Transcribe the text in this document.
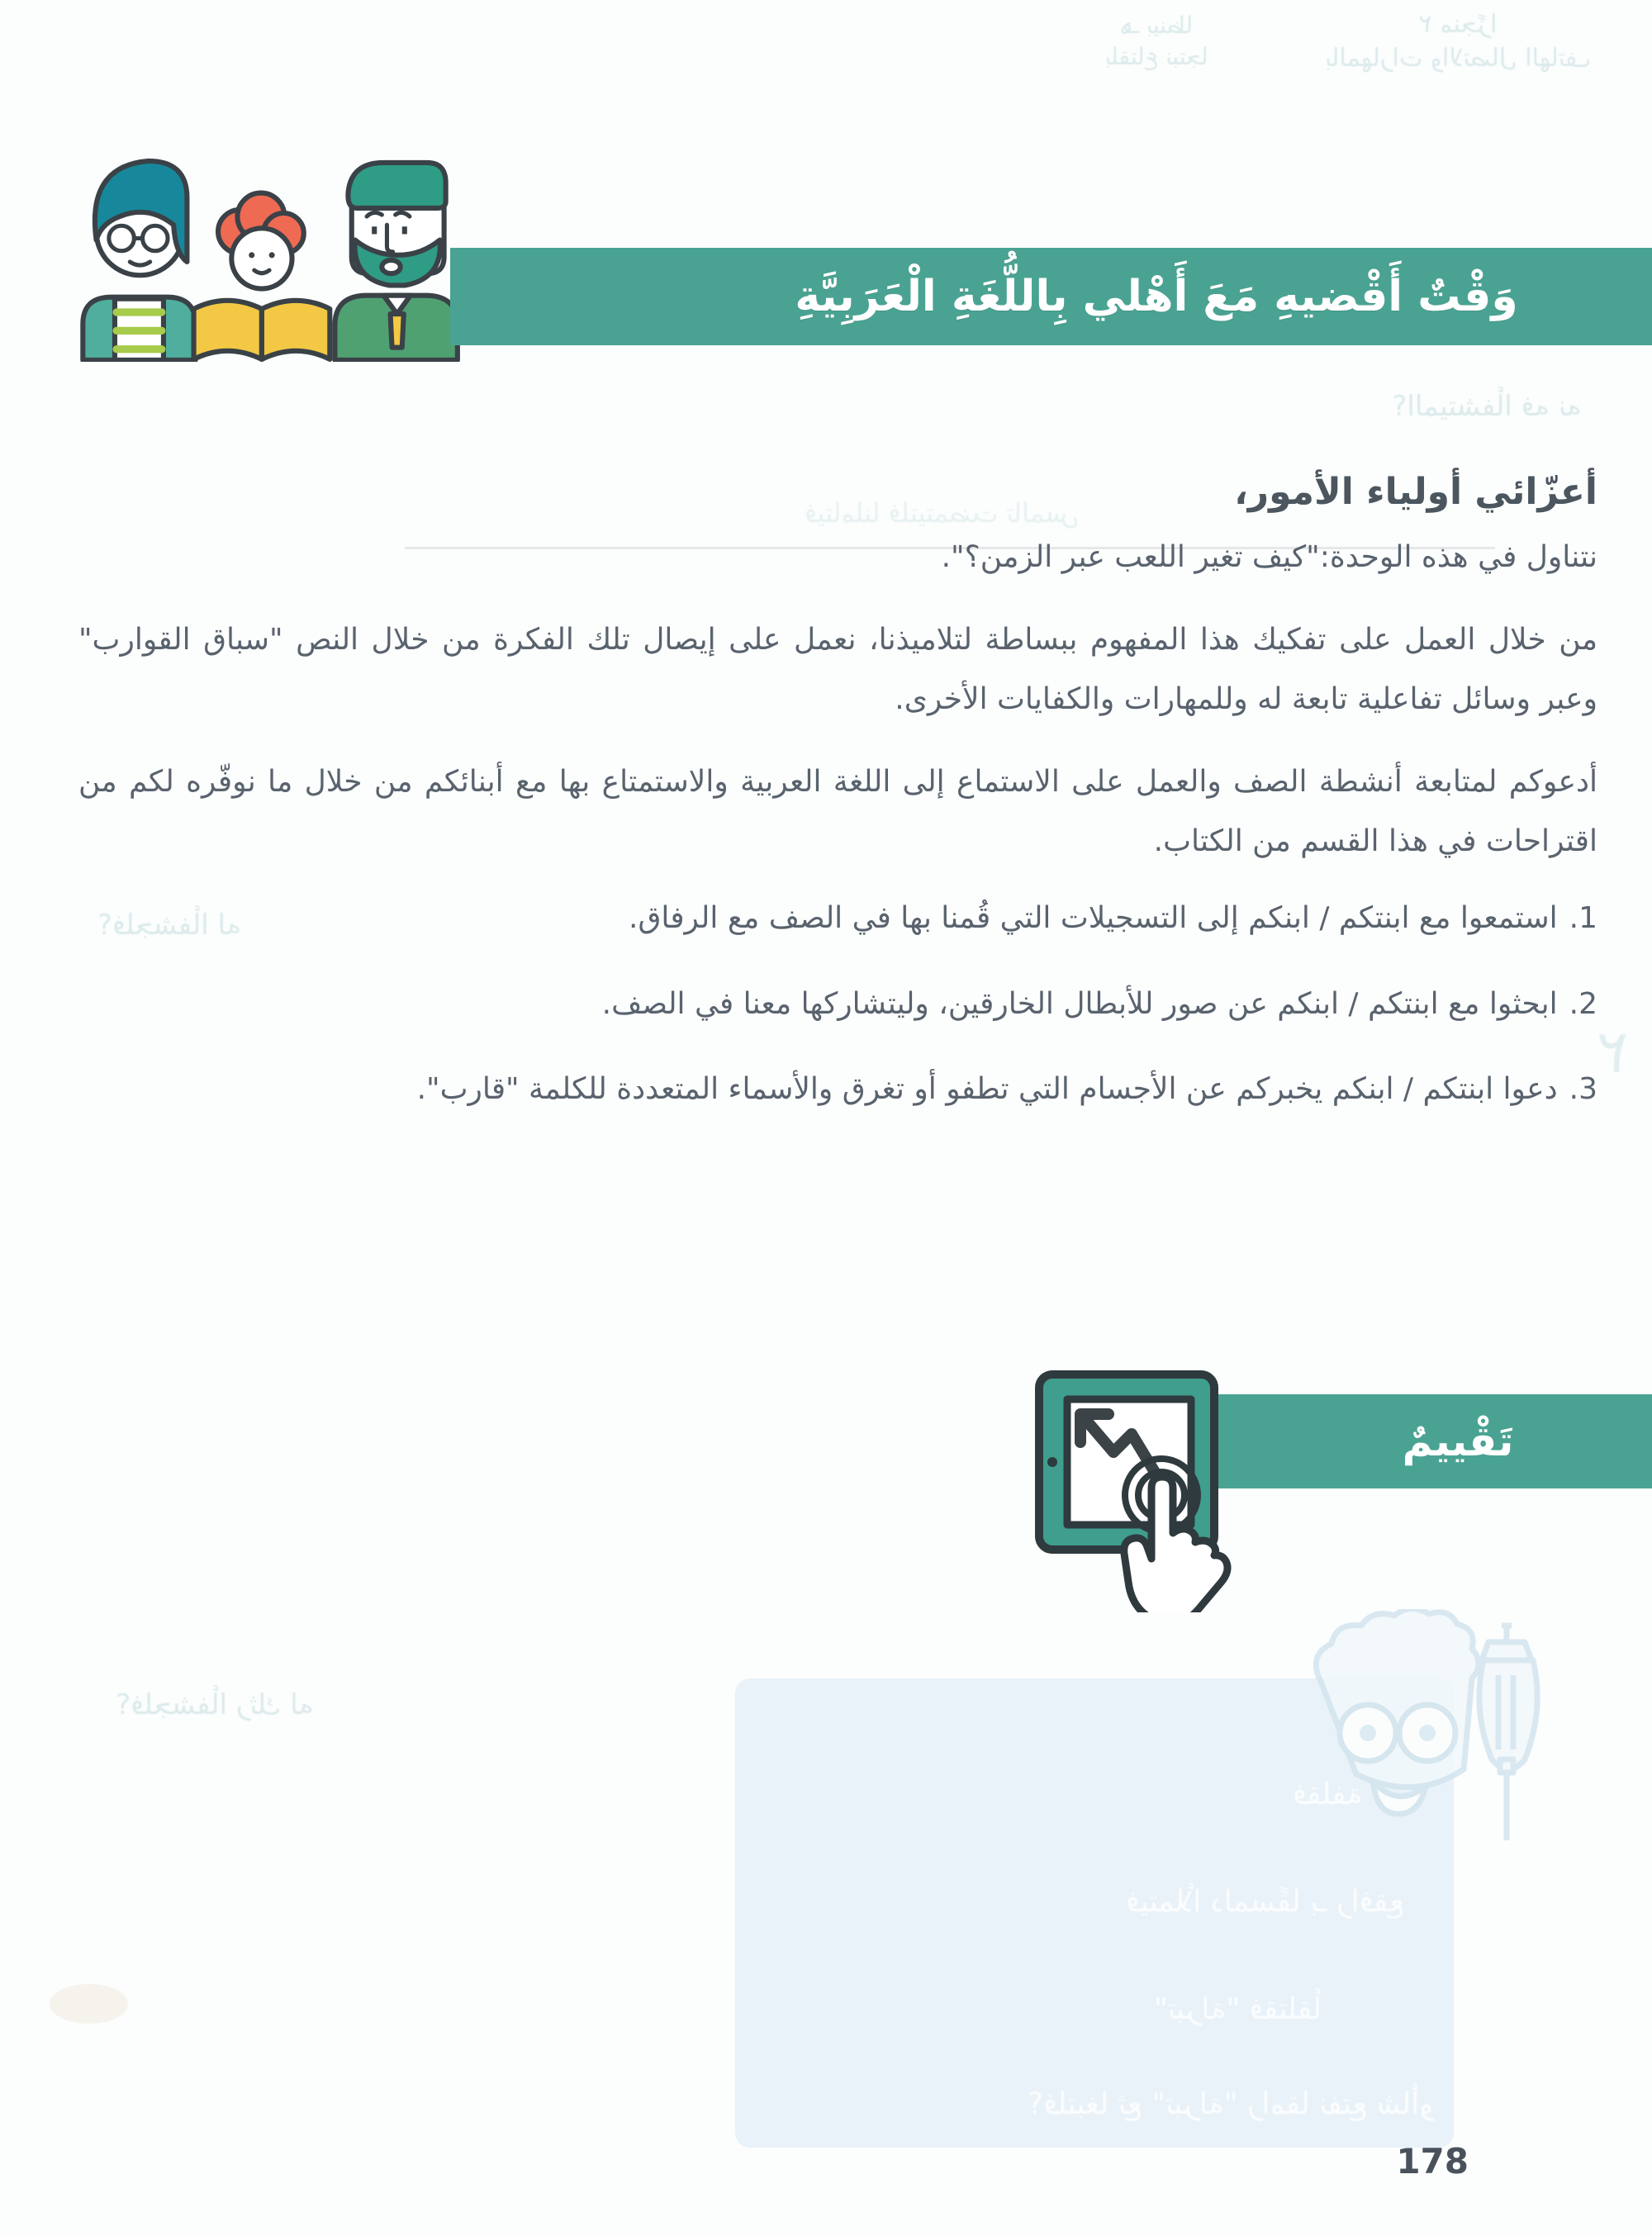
٢ منجزًا
بالمهارات والاتصال الهاتف
هـ بينظا
بلقتاع نبتجا
وَقْتٌ أَقْضيهِ مَعَ أَهْلي بِاللُّغَةِ الْعَرَبِيَّةِ

أعزّائي أولياء الأمور،

نتناول في هذه الوحدة:"كيف تغير اللعب عبر الزمن؟".

من خلال العمل على تفكيك هذا المفهوم ببساطة لتلاميذنا، نعمل على إيصال تلك الفكرة من خلال النص "سباق القوارب" وعبر وسائل تفاعلية تابعة له وللمهارات والكفايات الأخرى.

أدعوكم لمتابعة أنشطة الصف والعمل على الاستماع إلى اللغة العربية والاستمتاع بها مع أبنائكم من خلال ما نوفّره لكم من اقتراحات في هذا القسم من الكتاب.

1.
استمعوا مع ابنتكم / ابنكم إلى التسجيلات التي قُمنا بها في الصف مع الرفاق.
2.
ابحثوا مع ابنتكم / ابنكم عن صور للأبطال الخارقين، وليتشاركها معنا في الصف.
3.
دعوا ابنتكم / ابنكم يخبركم عن الأجسام التي تطفو أو تغرق والأسماء المتعددة للكلمة "قارب".
؟الميتشفأا فه نه
فيتاملنا فلتيتمضت تالمس
٢
؟فلجشفأا له
؟فلجشفأا رثك له
تَقْييمٌ
فقلفة
فيتملأا دلمسقًا بـ رافقع
"تبرلة" فقتلقأ
؟فلتبغا ثع "تبرلة" رامقا نفتع شاأو
178
